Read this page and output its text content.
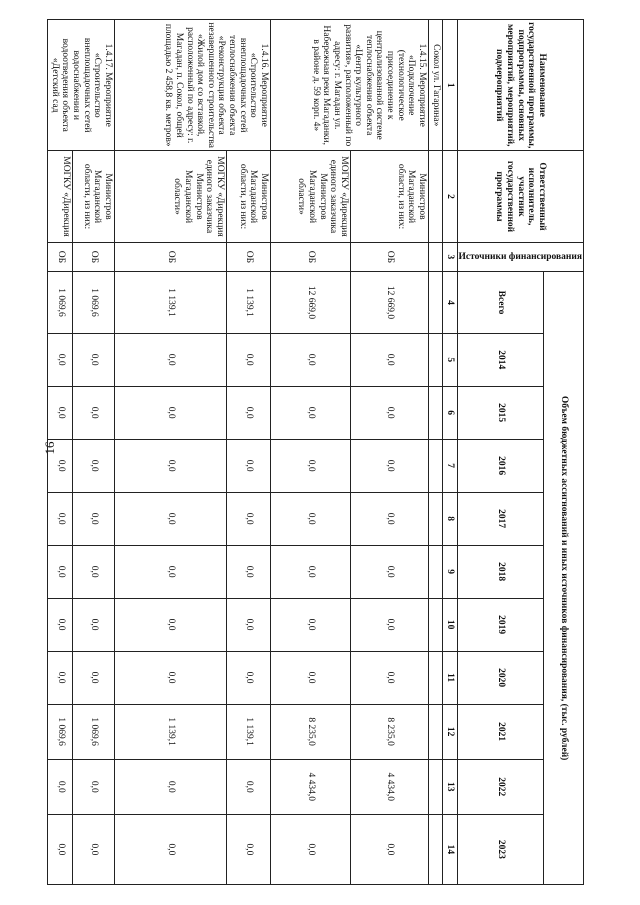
16
Наименование государственной программы, подпрограммы, основных мероприятий, мероприятий, подмероприятий	Ответственный исполнитель, участник государственной программы	Источники финансирования	Объем бюджетных ассигнований и иных источников финансирования, (тыс. рублей)										
			Всего	2014	2015	2016	2017	2018	2019	2020	2021	2022	2023
1	2	3	4	5	6	7	8	9	10	11	12	13	14
Сокол ул. Гагарина»													
1.4.15. Мероприятие «Подключение (технологическое присоединение к централизованной системе теплоснабжения объекта «Центр культурного развития», расположенный по адресу: г. Магадан ул. Набережная реки Магаданки, в районе д. 59 корп. 4»	Министров Магаданской области, из них:	ОБ	12 669,0	0,0	0,0	0,0	0,0	0,0	0,0	0,0	8 235,0	4 434,0	0,0
	МОГКУ «Дирекция единого заказчика Министров Магаданской области»	ОБ	12 669,0	0,0	0,0	0,0	0,0	0,0	0,0	0,0	8 235,0	4 434,0	0,0
1.4.16. Мероприятие «Строительство внеплощадочных сетей теплоснабжения объекта «Реконструкция объекта незавершенного строительства «Жилой дом со вставкой, расположенный по адресу: г. Магадан, п. Сокол, общей площадью 2 458,8 кв. метров»	Министров Магаданской области, из них:	ОБ	1 139,1	0,0	0,0	0,0	0,0	0,0	0,0	0,0	1 139,1	0,0	0,0
	МОГКУ «Дирекция единого заказчика Министров Магаданской области»	ОБ	1 139,1	0,0	0,0	0,0	0,0	0,0	0,0	0,0	1 139,1	0,0	0,0
1.4.17. Мероприятие «Строительство внеплощадочных сетей водоснабжения и водоотведения объекта «Детский сад	Министров Магаданской области, из них:	ОБ	1 069,6	0,0	0,0	0,0	0,0	0,0	0,0	0,0	1 069,6	0,0	0,0
	МОГКУ «Дирекция	ОБ	1 069,6	0,0	0,0	0,0	0,0	0,0	0,0	0,0	1 069,6	0,0	0,0
